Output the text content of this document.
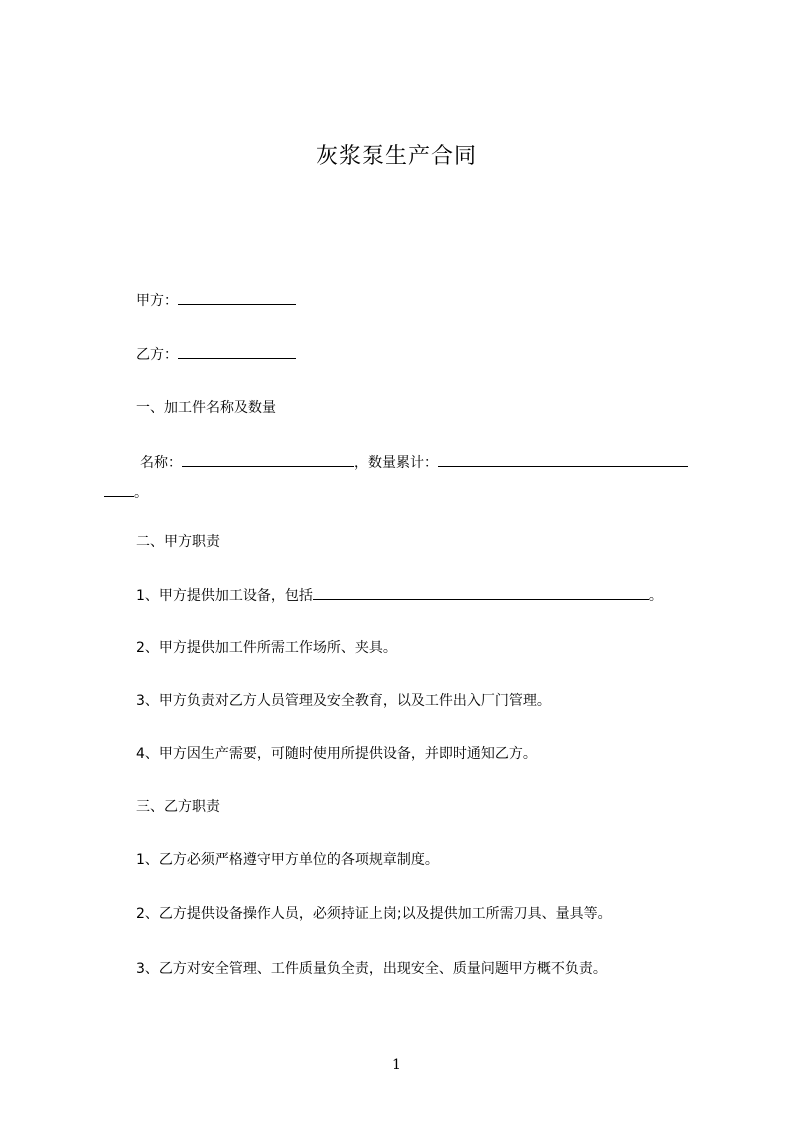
灰浆泵生产合同
甲方：
乙方：
一、加工件名称及数量
名称：	，数量累计：
。
二、甲方职责
1、甲方提供加工设备，包括	。
2、甲方提供加工件所需工作场所、夹具。
3、甲方负责对乙方人员管理及安全教育，以及工件出入厂门管理。
4、甲方因生产需要，可随时使用所提供设备，并即时通知乙方。
三、乙方职责
1、乙方必须严格遵守甲方单位的各项规章制度。
2、乙方提供设备操作人员，必须持证上岗;以及提供加工所需刀具、量具等。
3、乙方对安全管理、工件质量负全责，出现安全、质量问题甲方概不负责。
1
